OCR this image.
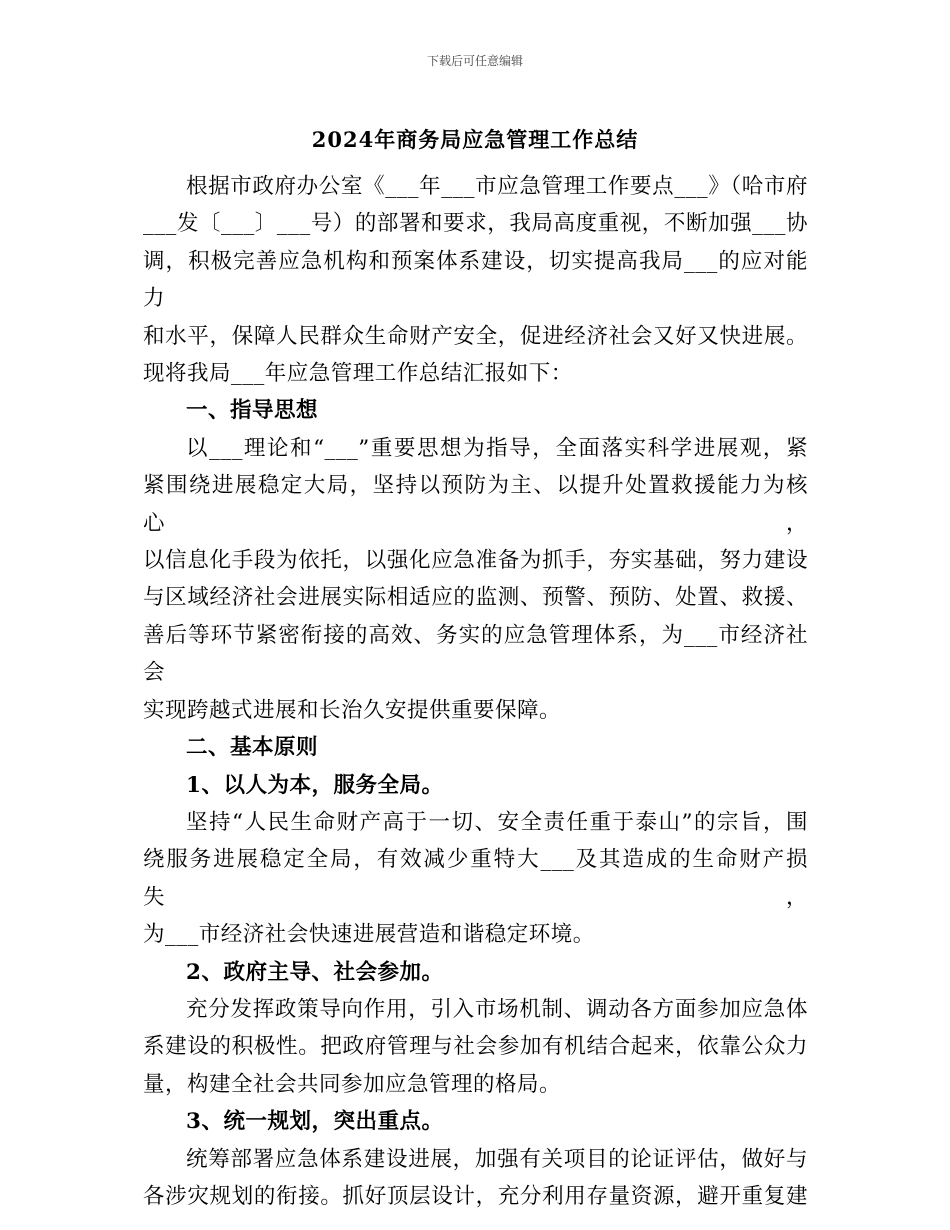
下载后可任意编辑
2024年商务局应急管理工作总结

根据市政府办公室《___年___市应急管理工作要点___》（哈市府

___发〔___〕___号）的部署和要求，我局高度重视，不断加强___协

调，积极完善应急机构和预案体系建设，切实提高我局___的应对能力

和水平，保障人民群众生命财产安全，促进经济社会又好又快进展。

现将我局___年应急管理工作总结汇报如下：

一、指导思想

以___理论和“___”重要思想为指导，全面落实科学进展观，紧

紧围绕进展稳定大局，坚持以预防为主、以提升处置救援能力为核心，

以信息化手段为依托，以强化应急准备为抓手，夯实基础，努力建设

与区域经济社会进展实际相适应的监测、预警、预防、处置、救援、

善后等环节紧密衔接的高效、务实的应急管理体系，为___市经济社会

实现跨越式进展和长治久安提供重要保障。

二、基本原则

1、以人为本，服务全局。

坚持“人民生命财产高于一切、安全责任重于泰山”的宗旨，围

绕服务进展稳定全局，有效减少重特大___及其造成的生命财产损失，

为___市经济社会快速进展营造和谐稳定环境。

2、政府主导、社会参加。

充分发挥政策导向作用，引入市场机制、调动各方面参加应急体

系建设的积极性。把政府管理与社会参加有机结合起来，依靠公众力

量，构建全社会共同参加应急管理的格局。

3、统一规划，突出重点。

统筹部署应急体系建设进展，加强有关项目的论证评估，做好与

各涉灾规划的衔接。抓好顶层设计，充分利用存量资源，避开重复建
